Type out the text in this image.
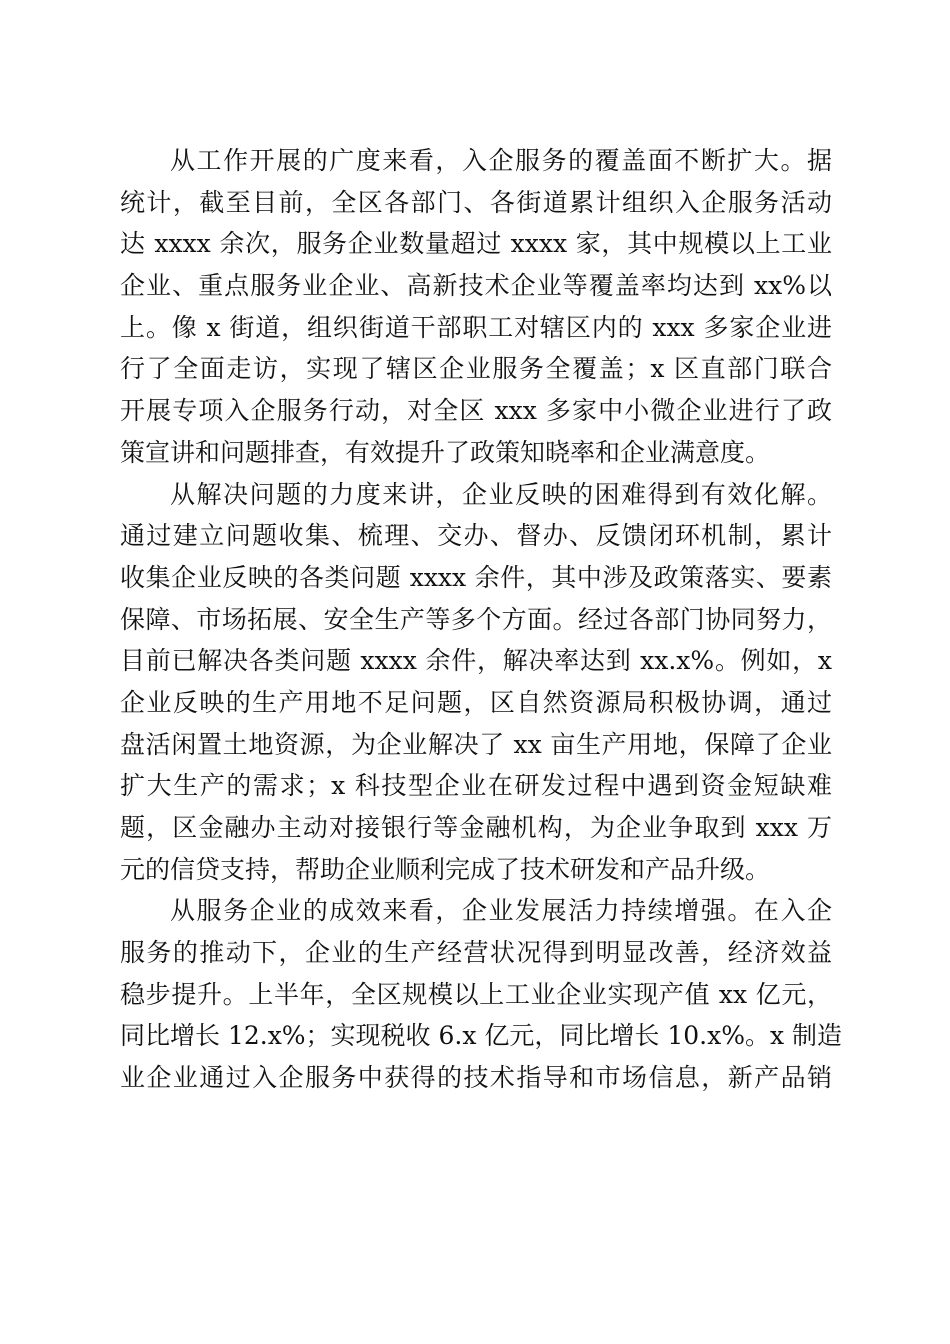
从工作开展的广度来看，入企服务的覆盖面不断扩大。据
统计，截至目前，全区各部门、各街道累计组织入企服务活动
达 xxxx 余次，服务企业数量超过 xxxx 家，其中规模以上工业
企业、重点服务业企业、高新技术企业等覆盖率均达到 xx%以
上。像 x 街道，组织街道干部职工对辖区内的 xxx 多家企业进
行了全面走访，实现了辖区企业服务全覆盖；x 区直部门联合
开展专项入企服务行动，对全区 xxx 多家中小微企业进行了政
策宣讲和问题排查，有效提升了政策知晓率和企业满意度。

从解决问题的力度来讲，企业反映的困难得到有效化解。
通过建立问题收集、梳理、交办、督办、反馈闭环机制，累计
收集企业反映的各类问题 xxxx 余件，其中涉及政策落实、要素
保障、市场拓展、安全生产等多个方面。经过各部门协同努力，
目前已解决各类问题 xxxx 余件，解决率达到 xx.x%。例如，x
企业反映的生产用地不足问题，区自然资源局积极协调，通过
盘活闲置土地资源，为企业解决了 xx 亩生产用地，保障了企业
扩大生产的需求；x 科技型企业在研发过程中遇到资金短缺难
题，区金融办主动对接银行等金融机构，为企业争取到 xxx 万
元的信贷支持，帮助企业顺利完成了技术研发和产品升级。

从服务企业的成效来看，企业发展活力持续增强。在入企
服务的推动下，企业的生产经营状况得到明显改善，经济效益
稳步提升。上半年，全区规模以上工业企业实现产值 xx 亿元，
同比增长 12.x%；实现税收 6.x 亿元，同比增长 10.x%。x 制造
业企业通过入企服务中获得的技术指导和市场信息，新产品销
